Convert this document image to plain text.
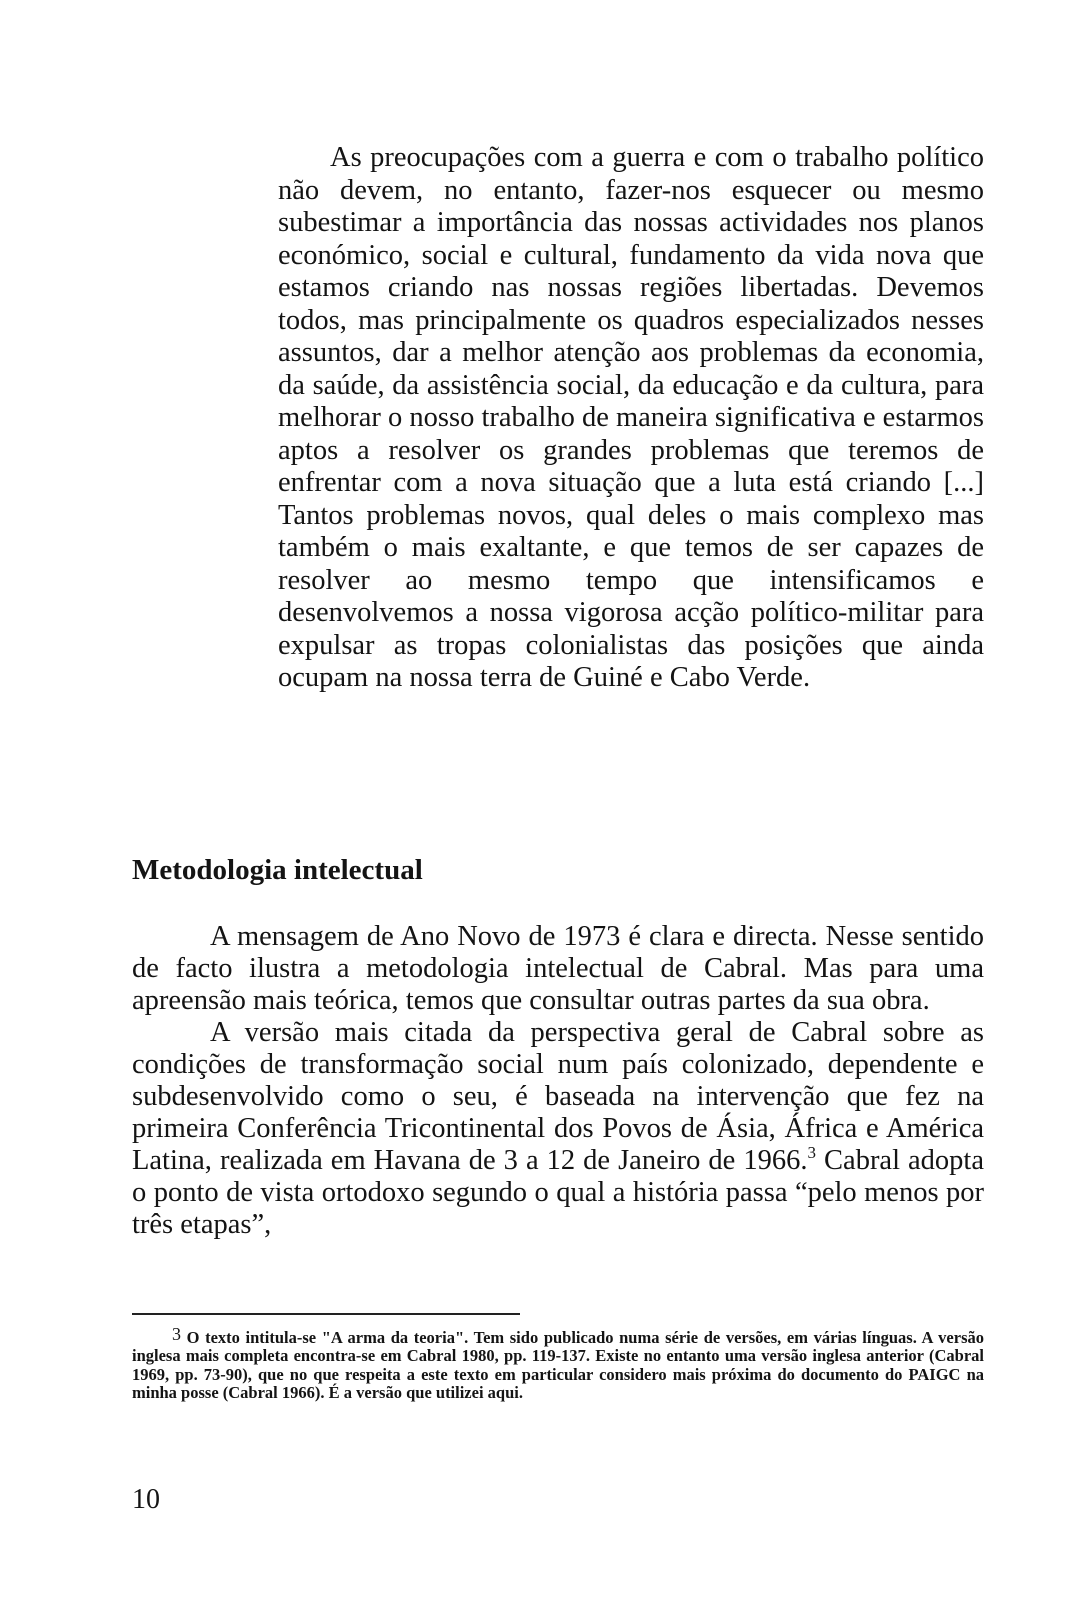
As preocupações com a guerra e com o trabalho político não devem, no entanto, fazer-nos esquecer ou mesmo subestimar a importância das nossas actividades nos planos económico, social e cultural, fundamento da vida nova que estamos criando nas nossas regiões libertadas. Devemos todos, mas principalmente os quadros especializados nesses assuntos, dar a melhor atenção aos problemas da economia, da saúde, da assistência social, da educação e da cultura, para melhorar o nosso trabalho de maneira significativa e estarmos aptos a resolver os grandes problemas que teremos de enfrentar com a nova situação que a luta está criando [...] Tantos problemas novos, qual deles o mais complexo mas também o mais exaltante, e que temos de ser capazes de resolver ao mesmo tempo que intensificamos e desenvolvemos a nossa vigorosa acção político-militar para expulsar as tropas colonialistas das posições que ainda ocupam na nossa terra de Guiné e Cabo Verde.

Metodologia intelectual

A mensagem de Ano Novo de 1973 é clara e directa. Nesse sentido de facto ilustra a metodologia intelectual de Cabral. Mas para uma apreensão mais teórica, temos que consultar outras partes da sua obra.

A versão mais citada da perspectiva geral de Cabral sobre as condições de transformação social num país colonizado, dependente e subdesenvolvido como o seu, é baseada na intervenção que fez na primeira Conferência Tricontinental dos Povos de Ásia, África e América Latina, realizada em Havana de 3 a 12 de Janeiro de 1966.$^3$ Cabral adopta o ponto de vista ortodoxo segundo o qual a história passa “pelo menos por três etapas”,

3 O texto intitula-se "A arma da teoria". Tem sido publicado numa série de versões, em várias línguas. A versão inglesa mais completa encontra-se em Cabral 1980, pp. 119-137. Existe no entanto uma versão inglesa anterior (Cabral 1969, pp. 73-90), que no que respeita a este texto em particular considero mais próxima do documento do PAIGC na minha posse (Cabral 1966). É a versão que utilizei aqui.

10
